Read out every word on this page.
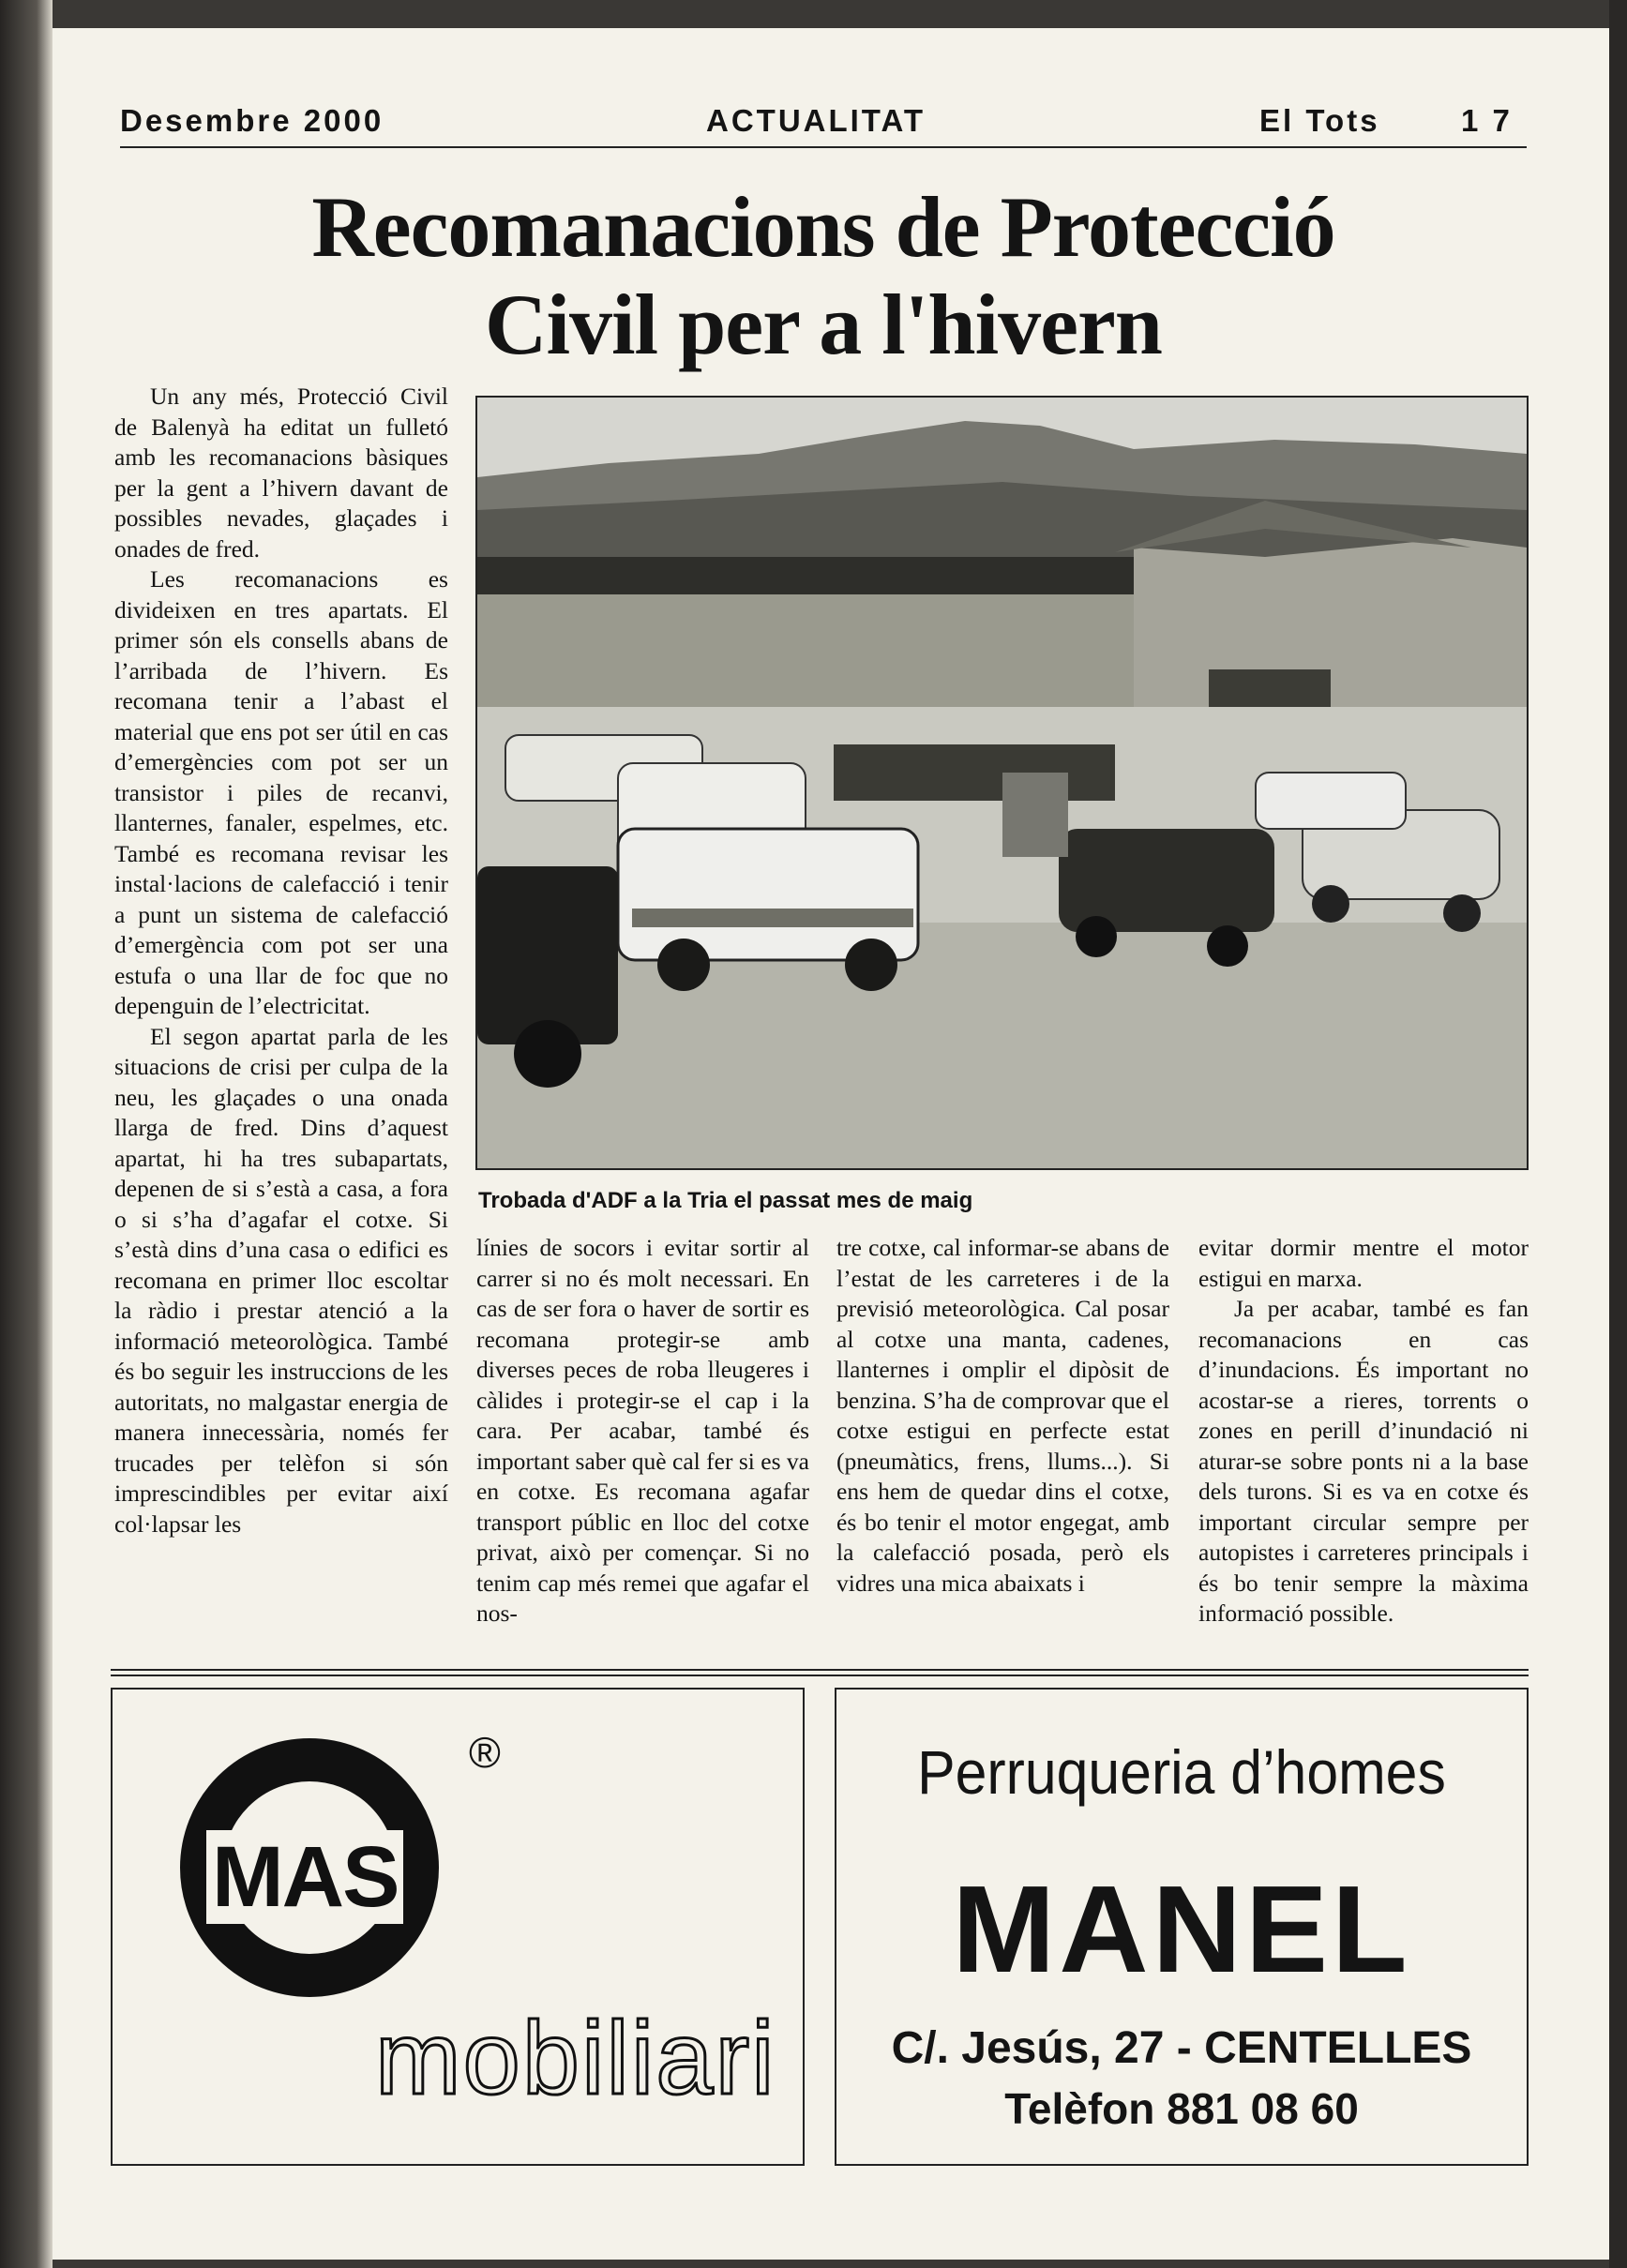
Desembre 2000	ACTUALITAT	El Tots	1 7
Recomanacions de Protecció
Civil per a l'hivern

Un any més, Protecció Civil de Balenyà ha editat un fulletó amb les recomanacions bàsiques per la gent a l’hivern davant de possibles nevades, glaçades i onades de fred.

Les recomanacions es divideixen en tres apartats. El primer són els consells abans de l’arribada de l’hivern. Es recomana tenir a l’abast el material que ens pot ser útil en cas d’emergències com pot ser un transistor i piles de recanvi, llanternes, fanaler, espelmes, etc. També es recomana revisar les instal·lacions de calefacció i tenir a punt un sistema de calefacció d’emergència com pot ser una estufa o una llar de foc que no depenguin de l’electricitat.

El segon apartat parla de les situacions de crisi per culpa de la neu, les glaçades o una onada llarga de fred. Dins d’aquest apartat, hi ha tres subapartats, depenen de si s’està a casa, a fora o si s’ha d’agafar el cotxe. Si s’està dins d’una casa o edifici es recomana en primer lloc escoltar la ràdio i prestar atenció a la informació meteorològica. També és bo seguir les instruccions de les autoritats, no malgastar energia de manera innecessària, només fer trucades per telèfon si són imprescindibles per evitar així col·lapsar les

Trobada d'ADF a la Tria el passat mes de maig

línies de socors i evitar sortir al carrer si no és molt necessari. En cas de ser fora o haver de sortir es recomana protegir-se amb diverses peces de roba lleugeres i càlides i protegir-se el cap i la cara. Per acabar, també és important saber què cal fer si es va en cotxe. Es recomana agafar transport públic en lloc del cotxe privat, això per començar. Si no tenim cap més remei que agafar el nos-

tre cotxe, cal informar-se abans de l’estat de les carreteres i de la previsió meteorològica. Cal posar al cotxe una manta, cadenes, llanternes i omplir el dipòsit de benzina. S’ha de comprovar que el cotxe estigui en perfecte estat (pneumàtics, frens, llums...). Si ens hem de quedar dins el cotxe, és bo tenir el motor engegat, amb la calefacció posada, però els vidres una mica abaixats i

evitar dormir mentre el motor estigui en marxa.

Ja per acabar, també es fan recomanacions en cas d’inundacions. És important no acostar-se a rieres, torrents o zones en perill d’inundació ni aturar-se sobre ponts ni a la base dels turons. Si es va en cotxe és important circular sempre per autopistes i carreteres principals i és bo tenir sempre la màxima informació possible.

MAS
®
mobiliari
Perruqueria d’homes
MANEL
C/. Jesús, 27 - CENTELLES
Telèfon 881 08 60
